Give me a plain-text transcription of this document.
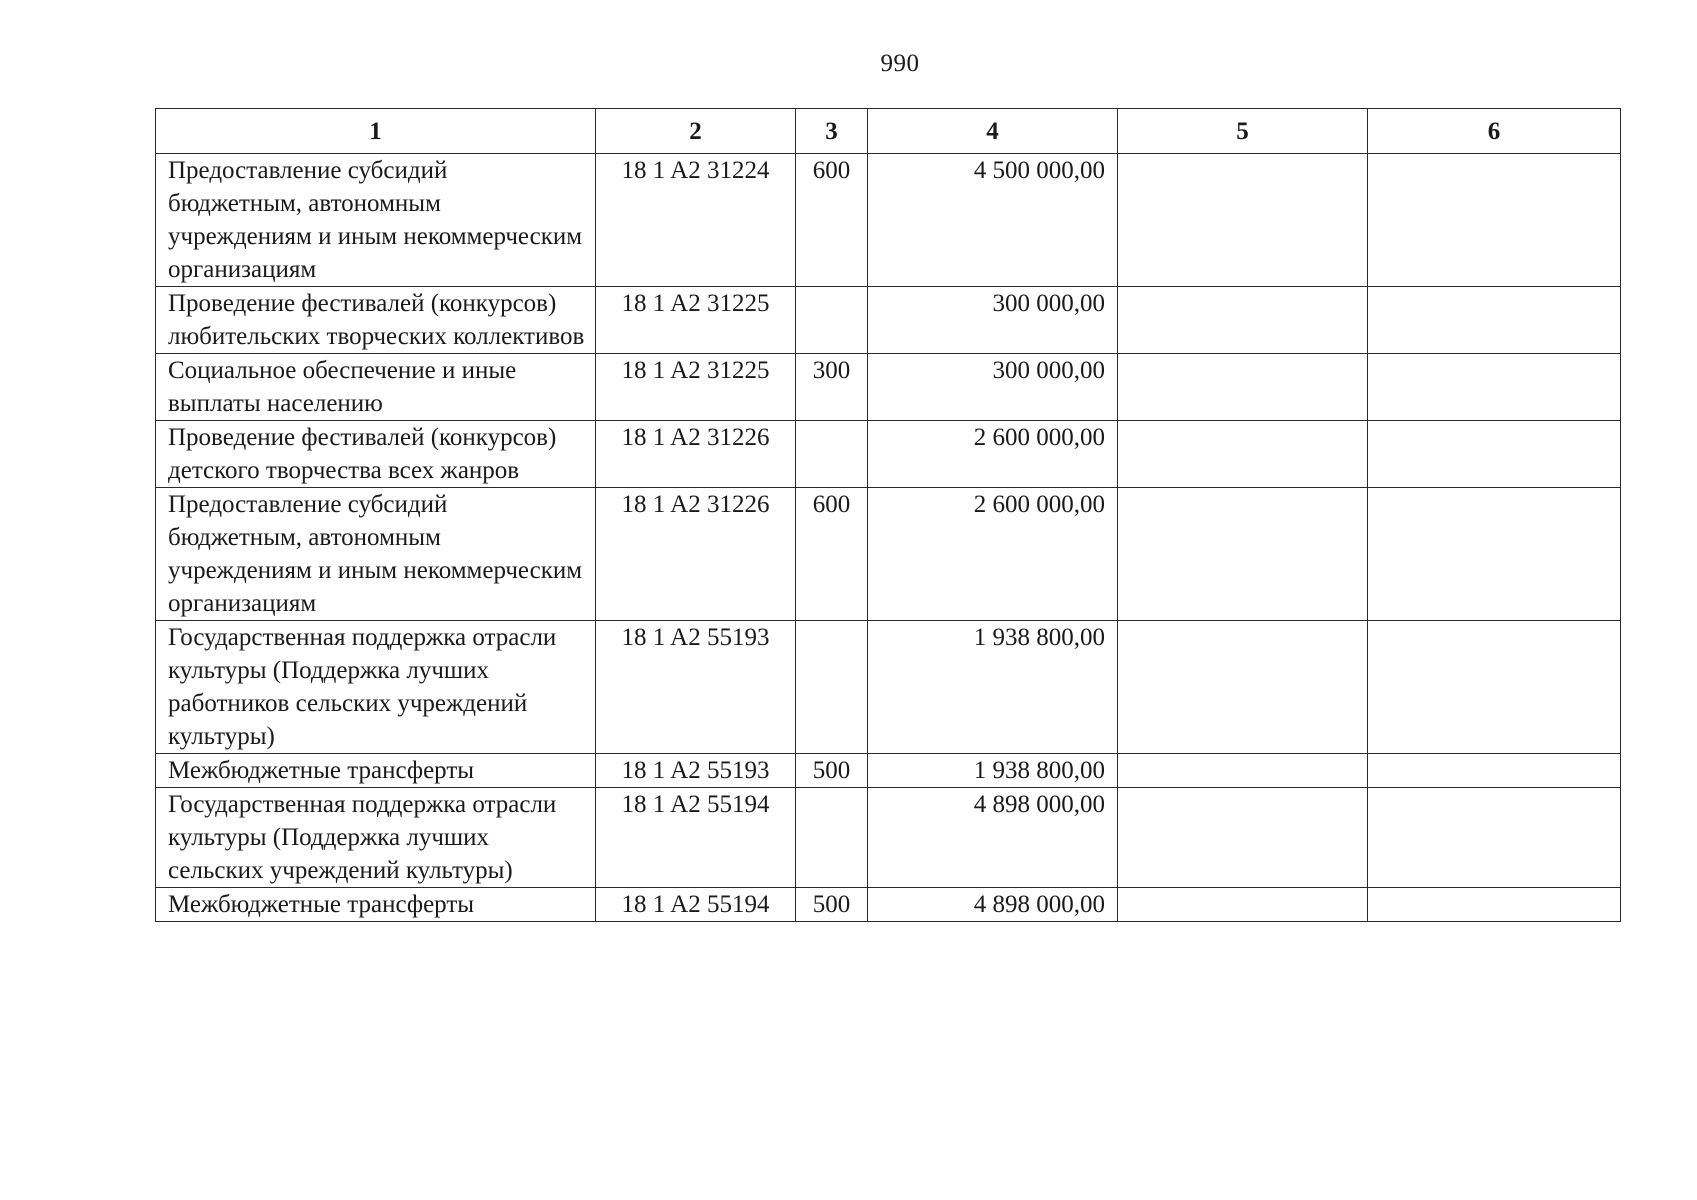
990
1	2	3	4	5	6
Предоставление субсидий бюджетным, автономным учреждениям и иным некоммерческим организациям	18 1 A2 31224	600	4 500 000,00		
Проведение фестивалей (конкурсов) любительских творческих коллективов	18 1 A2 31225		300 000,00		
Социальное обеспечение и иные выплаты населению	18 1 A2 31225	300	300 000,00		
Проведение фестивалей (конкурсов) детского творчества всех жанров	18 1 A2 31226		2 600 000,00		
Предоставление субсидий бюджетным, автономным учреждениям и иным некоммерческим организациям	18 1 A2 31226	600	2 600 000,00		
Государственная поддержка отрасли культуры (Поддержка лучших работников сельских учреждений культуры)	18 1 A2 55193		1 938 800,00		
Межбюджетные трансферты	18 1 A2 55193	500	1 938 800,00		
Государственная поддержка отрасли культуры (Поддержка лучших сельских учреждений культуры)	18 1 A2 55194		4 898 000,00		
Межбюджетные трансферты	18 1 A2 55194	500	4 898 000,00		
